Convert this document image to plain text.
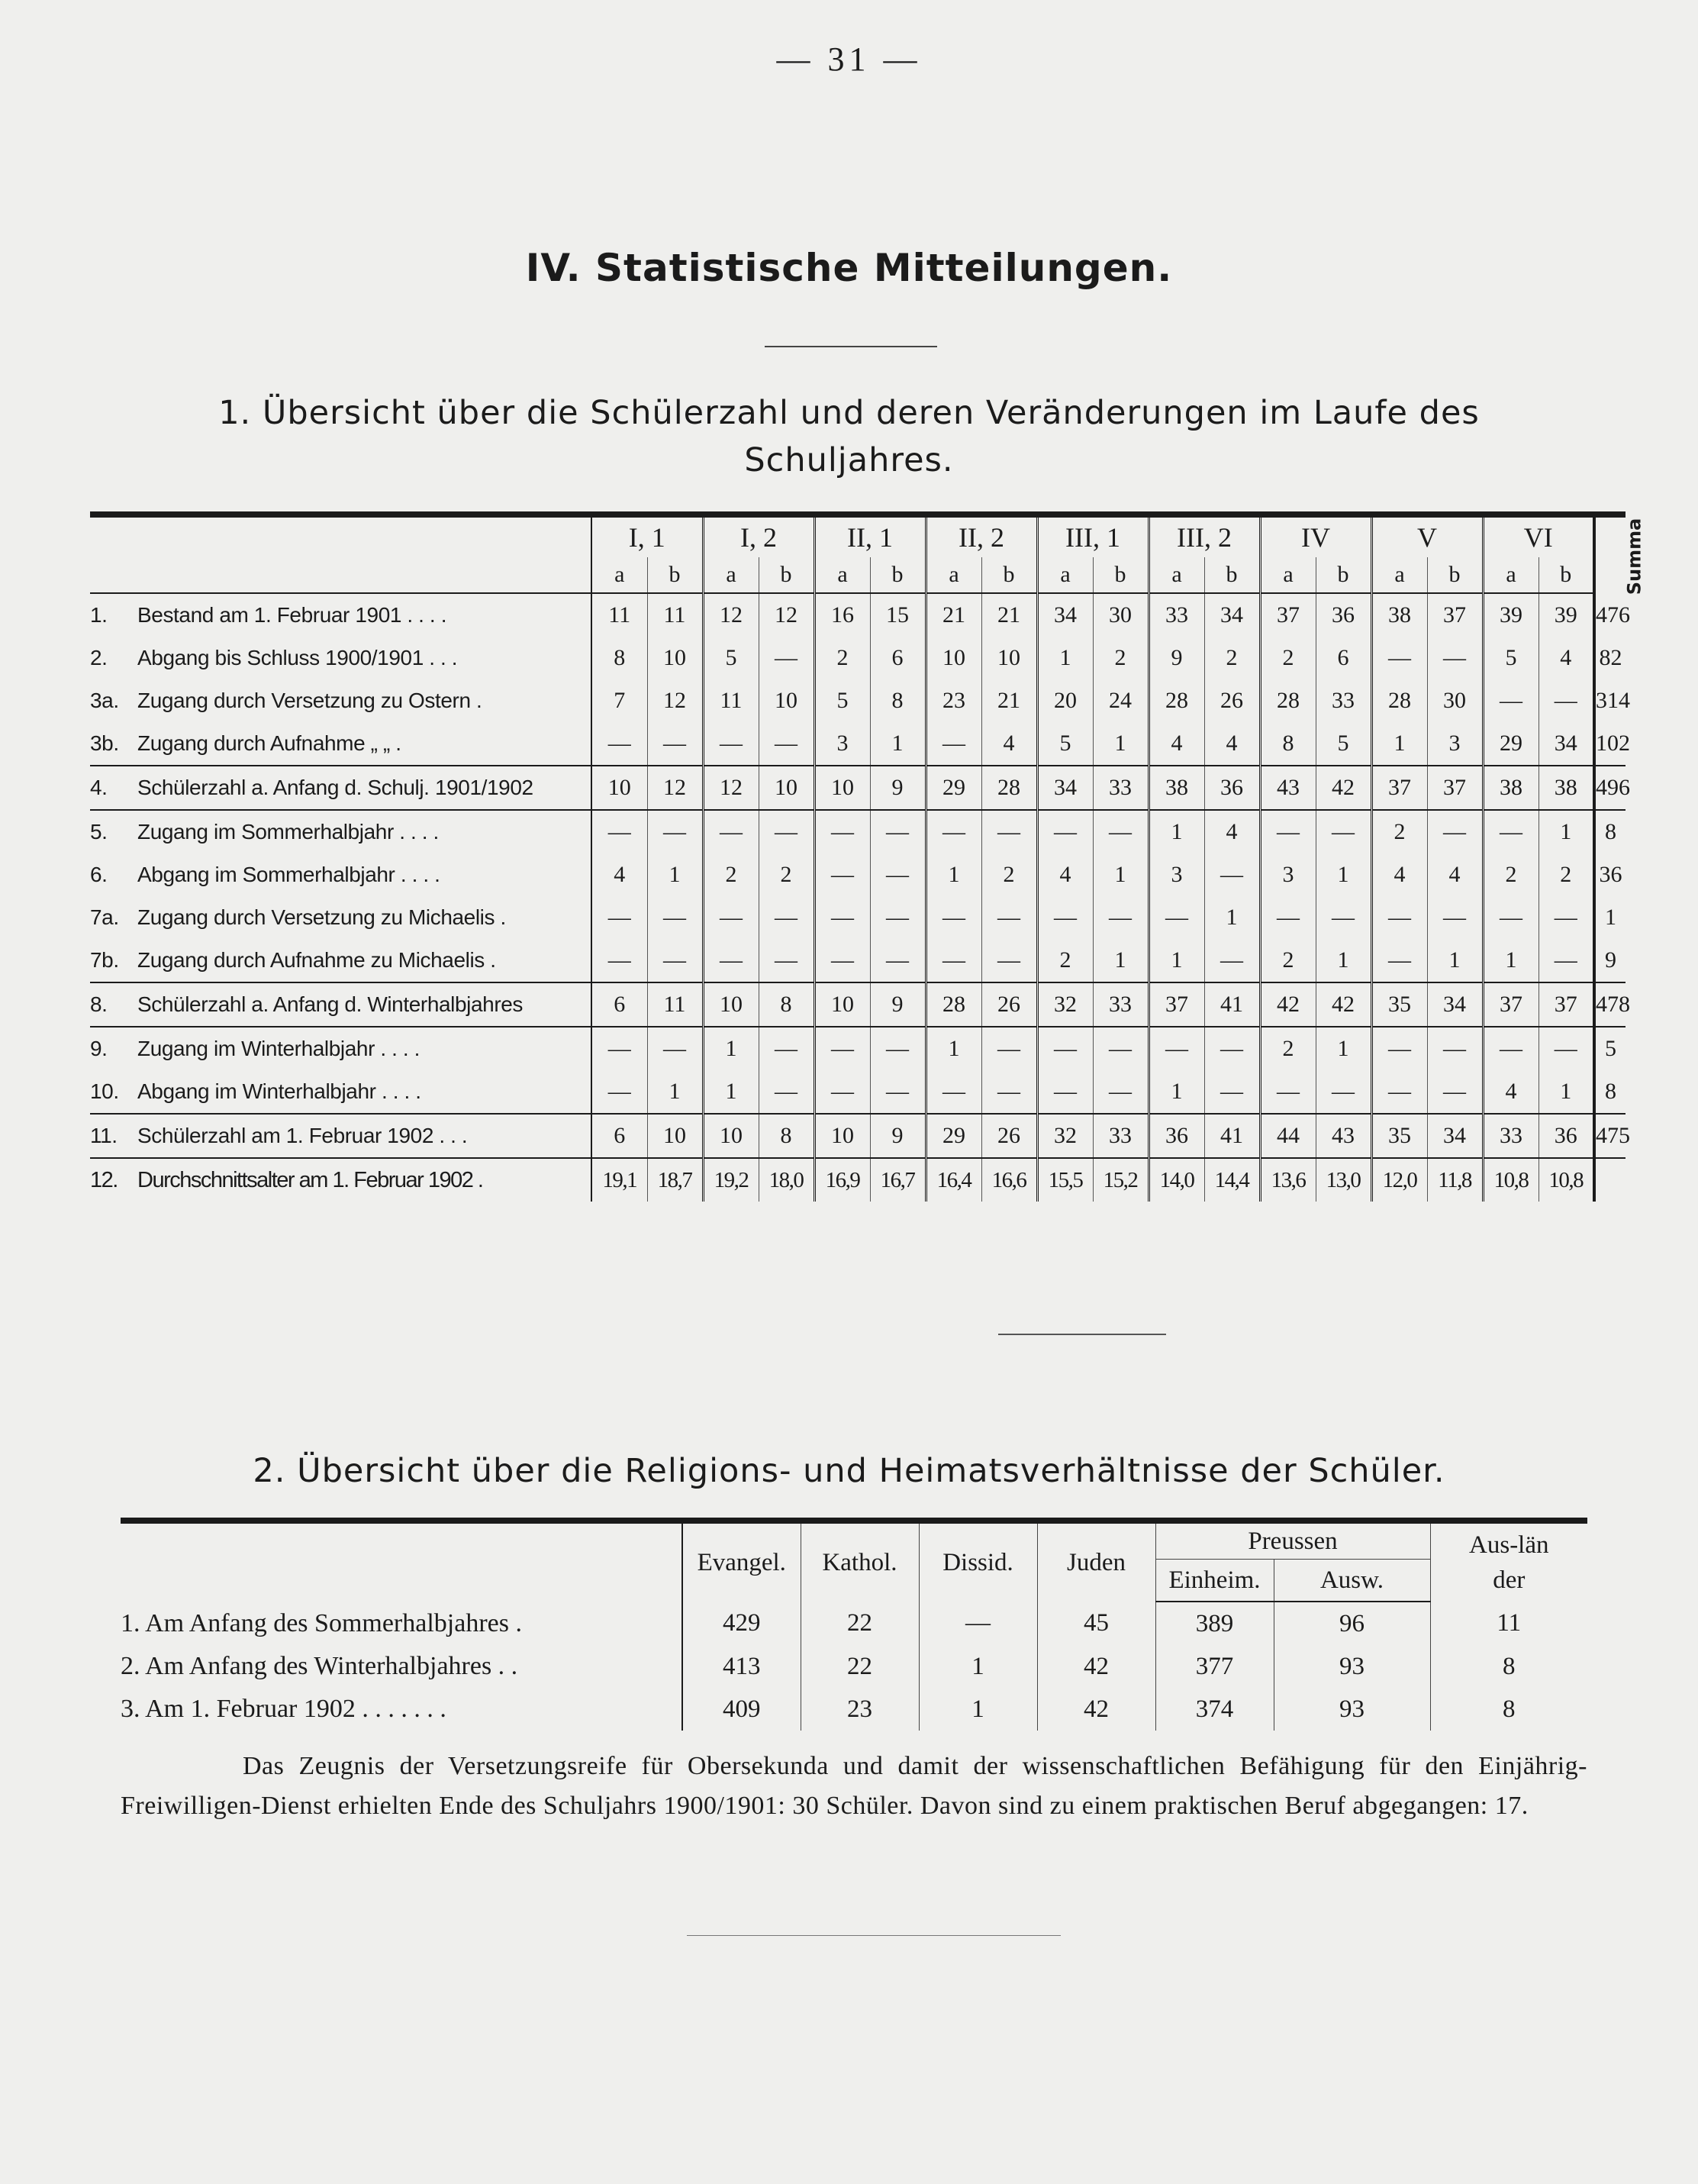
— 31 —
IV. Statistische Mitteilungen.
1. Übersicht über die Schülerzahl und deren Veränderungen im Laufe des Schuljahres.
	I, 1		I, 2		II, 1		II, 2		III, 1		III, 2		IV		V		VI		Summa
	a	b	a	b	a	b	a	b	a	b	a	b	a	b	a	b	a	b	
1. Bestand am 1. Februar 1901 . . . .	11	11	12	12	16	15	21	21	34	30	33	34	37	36	38	37	39	39	476
2. Abgang bis Schluss 1900/1901 . . .	8	10	5	—	2	6	10	10	1	2	9	2	2	6	—	—	5	4	82
3a. Zugang durch Versetzung zu Ostern .	7	12	11	10	5	8	23	21	20	24	28	26	28	33	28	30	—	—	314
3b. Zugang durch Aufnahme „ „ .	—	—	—	—	3	1	—	4	5	1	4	4	8	5	1	3	29	34	102
4. Schülerzahl a. Anfang d. Schulj. 1901/1902	10	12	12	10	10	9	29	28	34	33	38	36	43	42	37	37	38	38	496
5. Zugang im Sommerhalbjahr . . . .	—	—	—	—	—	—	—	—	—	—	1	4	—	—	2	—	—	1	8
6. Abgang im Sommerhalbjahr . . . .	4	1	2	2	—	—	1	2	4	1	3	—	3	1	4	4	2	2	36
7a. Zugang durch Versetzung zu Michaelis .	—	—	—	—	—	—	—	—	—	—	—	1	—	—	—	—	—	—	1
7b. Zugang durch Aufnahme zu Michaelis .	—	—	—	—	—	—	—	—	2	1	1	—	2	1	—	1	1	—	9
8. Schülerzahl a. Anfang d. Winterhalbjahres	6	11	10	8	10	9	28	26	32	33	37	41	42	42	35	34	37	37	478
9. Zugang im Winterhalbjahr . . . .	—	—	1	—	—	—	1	—	—	—	—	—	2	1	—	—	—	—	5
10. Abgang im Winterhalbjahr . . . .	—	1	1	—	—	—	—	—	—	—	1	—	—	—	—	—	4	1	8
11. Schülerzahl am 1. Februar 1902 . . .	6	10	10	8	10	9	29	26	32	33	36	41	44	43	35	34	33	36	475
12. Durchschnittsalter am 1. Februar 1902 .	19,1	18,7	19,2	18,0	16,9	16,7	16,4	16,6	15,5	15,2	14,0	14,4	13,6	13,0	12,0	11,8	10,8	10,8	
2. Übersicht über die Religions- und Heimatsverhältnisse der Schüler.
	Evangel.	Kathol.	Dissid.	Juden	Preussen		Aus-länder
					Einheim.	Ausw.	
1. Am Anfang des Sommerhalbjahres .	429	22	—	45	389	96	11
2. Am Anfang des Winterhalbjahres . .	413	22	1	42	377	93	8
3. Am 1. Februar 1902 . . . . . . .	409	23	1	42	374	93	8

Das Zeugnis der Versetzungsreife für Obersekunda und damit der wissenschaftlichen Befähigung für den Einjährig-Freiwilligen-Dienst erhielten Ende des Schuljahrs 1900/1901: 30 Schüler. Davon sind zu einem praktischen Beruf abgegangen: 17.
